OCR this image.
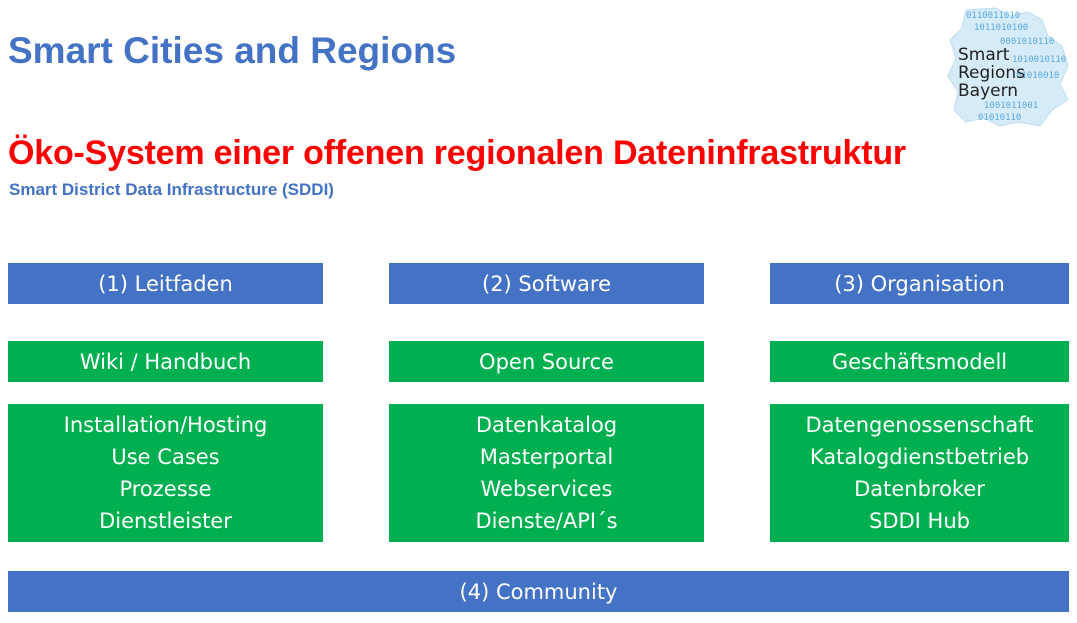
Smart Cities and Regions
0110011010
1011010100
0001010110
1010010110
01010010
1001011001
01010110
Smart
Regions
Bayern
Öko-System einer offenen regionalen Dateninfrastruktur
Smart District Data Infrastructure (SDDI)
(1) Leitfaden
Wiki / Handbuch
Installation/Hosting
Use Cases
Prozesse
Dienstleister
(2) Software
Open Source
Datenkatalog
Masterportal
Webservices
Dienste/API´s
(3) Organisation
Geschäftsmodell
Datengenossenschaft
Katalogdienstbetrieb
Datenbroker
SDDI Hub
(4) Community
